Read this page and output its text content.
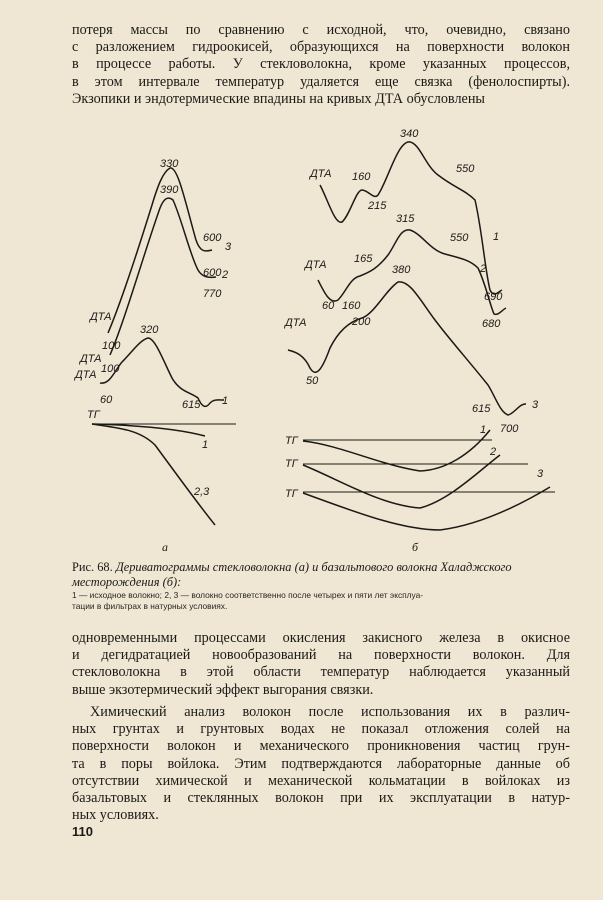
потеря массы по сравнению с исходной, что, очевидно, связано
с разложением гидроокисей, образующихся на поверхности волокон
в процессе работы. У стекловолокна, кроме указанных процессов,
в этом интервале температур удаляется еще связка (фенолоспирты).
Экзопики и эндотермические впадины на кривых ДТА обусловлены

ДТА
100
ДТА
100
ДТА
60
330
390
320
600
3
600 2
770
615 1
ТГ
1
2,3
а
ДТА 160
215
340
550
1
690
ДТА	165
315
550
2
60
680
ДТА
160
200
380
50
615	3
700
ТГ
1
ТГ
2
ТГ
3
б

Рис. 68. Дериватограммы стекловолокна (а) и базальтового волокна Халаджского
месторождения (б):

1 — исходное волокно; 2, 3 — волокно соответственно после четырех и пяти лет эксплуа-
тации в фильтрах в натурных условиях.

одновременными процессами окисления закисного железа в окисное
и дегидратацией новообразований на поверхности волокон. Для
стекловолокна в этой области температур наблюдается указанный
выше экзотермический эффект выгорания связки.

Химический анализ волокон после использования их в различ-
ных грунтах и грунтовых водах не показал отложения солей на
поверхности волокон и механического проникновения частиц грун-
та в поры войлока. Этим подтверждаются лабораторные данные об
отсутствии химической и механической кольматации в войлоках из
базальтовых и стеклянных волокон при их эксплуатации в натур-
ных условиях.

110
